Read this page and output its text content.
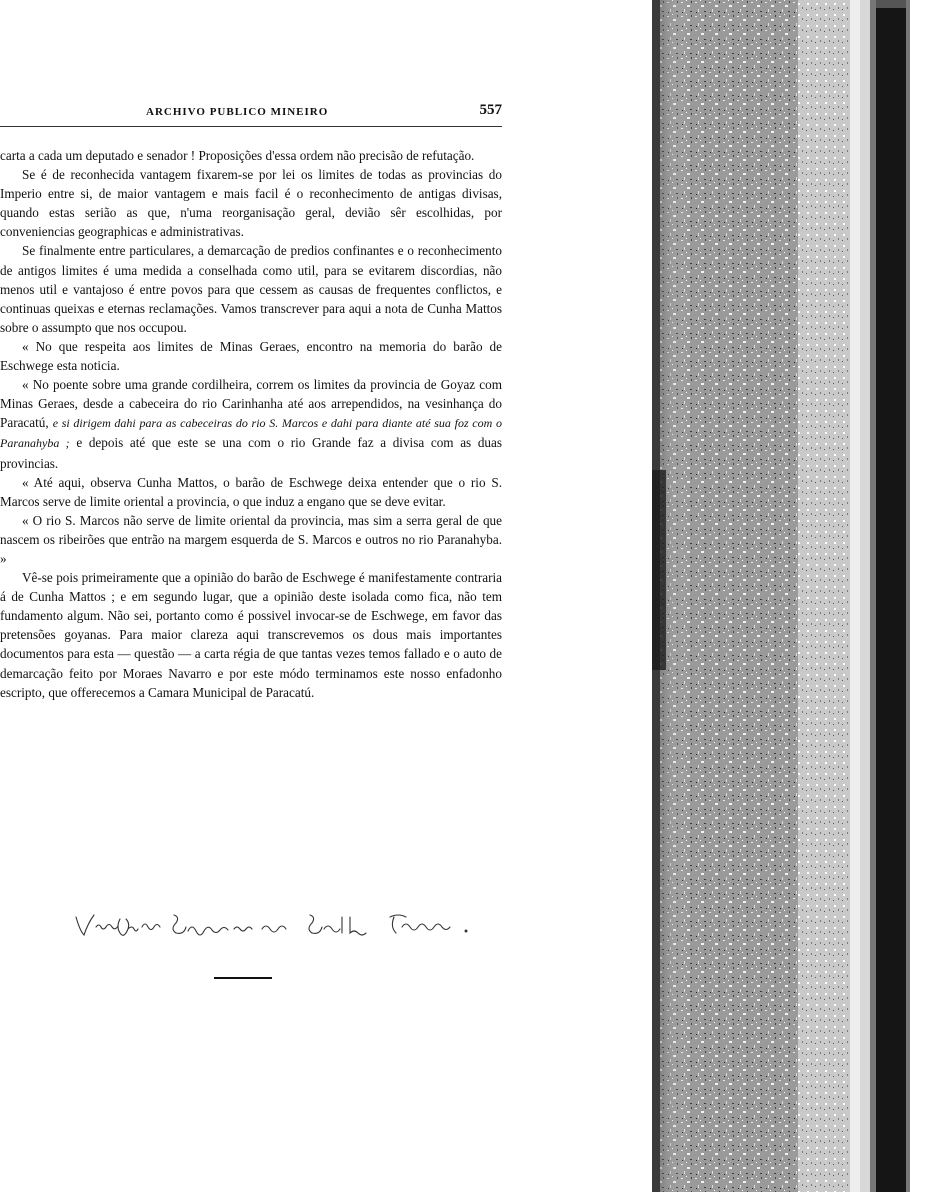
ARCHIVO PUBLICO MINEIRO	557

carta a cada um deputado e senador ! Proposições d'essa ordem não precisão de refutação.

Se é de reconhecida vantagem fixarem-se por lei os limites de todas as provincias do Imperio entre si, de maior vantagem e mais facil é o reconhecimento de antigas divisas, quando estas serião as que, n'uma reorganisação geral, devião sêr escolhidas, por conveniencias geographicas e administrativas.

Se finalmente entre particulares, a demarcação de predios confinantes e o reconhecimento de antigos limites é uma medida a conselhada como util, para se evitarem discordias, não menos util e vantajoso é entre povos para que cessem as causas de frequentes conflictos, e continuas queixas e eternas reclamações. Vamos transcrever para aqui a nota de Cunha Mattos sobre o assumpto que nos occupou.

« No que respeita aos limites de Minas Geraes, encontro na memoria do barão de Eschwege esta noticia.

« No poente sobre uma grande cordilheira, correm os limites da provincia de Goyaz com Minas Geraes, desde a cabeceira do rio Carinhanha até aos arrependidos, na vesinhança do Paracatú, e si dirigem dahi para as cabeceiras do rio S. Marcos e dahi para diante até sua foz com o Paranahyba ; e depois até que este se una com o rio Grande faz a divisa com as duas provincias.

« Até aqui, observa Cunha Mattos, o barão de Eschwege deixa entender que o rio S. Marcos serve de limite oriental a provincia, o que induz a engano que se deve evitar.

« O rio S. Marcos não serve de limite oriental da provincia, mas sim a serra geral de que nascem os ribeirões que entrão na margem esquerda de S. Marcos e outros no rio Paranahyba. »

Vê-se pois primeiramente que a opinião do barão de Eschwege é manifestamente contraria á de Cunha Mattos ; e em segundo lugar, que a opinião deste isolada como fica, não tem fundamento algum. Não sei, portanto como é possivel invocar-se de Eschwege, em favor das pretensões goyanas. Para maior clareza aqui transcrevemos os dous mais importantes documentos para esta — questão — a carta régia de que tantas vezes temos fallado e o auto de demarcação feito por Moraes Navarro e por este módo terminamos este nosso enfadonho escripto, que offerecemos a Camara Municipal de Paracatú.
